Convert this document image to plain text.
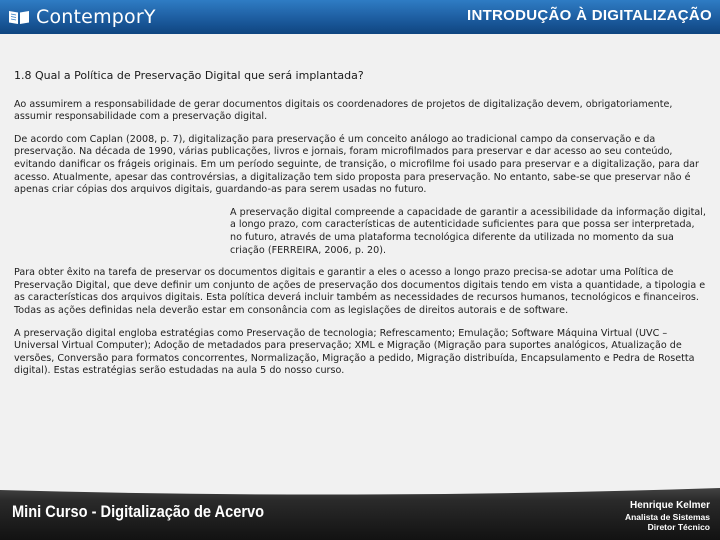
ContemporY	INTRODUÇÃO À DIGITALIZAÇÃO

1.8 Qual a Política de Preservação Digital que será implantada?

Ao assumirem a responsabilidade de gerar documentos digitais os coordenadores de projetos de digitalização devem, obrigatoriamente, assumir responsabilidade com a preservação digital.

De acordo com Caplan (2008, p. 7), digitalização para preservação é um conceito análogo ao tradicional campo da conservação e da preservação. Na década de 1990, várias publicações, livros e jornais, foram microfilmados para preservar e dar acesso ao seu conteúdo, evitando danificar os frágeis originais. Em um período seguinte, de transição, o microfilme foi usado para preservar e a digitalização, para dar acesso. Atualmente, apesar das controvérsias, a digitalização tem sido proposta para preservação. No entanto, sabe-se que preservar não é apenas criar cópias dos arquivos digitais, guardando-as para serem usadas no futuro.

A preservação digital compreende a capacidade de garantir a acessibilidade da informação digital, a longo prazo, com características de autenticidade suficientes para que possa ser interpretada, no futuro, através de uma plataforma tecnológica diferente da utilizada no momento da sua criação (FERREIRA, 2006, p. 20).

Para obter êxito na tarefa de preservar os documentos digitais e garantir a eles o acesso a longo prazo precisa-se adotar uma Política de Preservação Digital, que deve definir um conjunto de ações de preservação dos documentos digitais tendo em vista a quantidade, a tipologia e as características dos arquivos digitais. Esta política deverá incluir também as necessidades de recursos humanos, tecnológicos e financeiros. Todas as ações definidas nela deverão estar em consonância com as legislações de direitos autorais e de software.

A preservação digital engloba estratégias como Preservação de tecnologia; Refrescamento; Emulação; Software Máquina Virtual (UVC – Universal Virtual Computer); Adoção de metadados para preservação; XML e Migração (Migração para suportes analógicos, Atualização de versões, Conversão para formatos concorrentes, Normalização, Migração a pedido, Migração distribuída, Encapsulamento e Pedra de Rosetta digital). Estas estratégias serão estudadas na aula 5 do nosso curso.

Mini Curso - Digitalização de Acervo	Henrique Kelmer
Analista de Sistemas
Diretor Técnico
